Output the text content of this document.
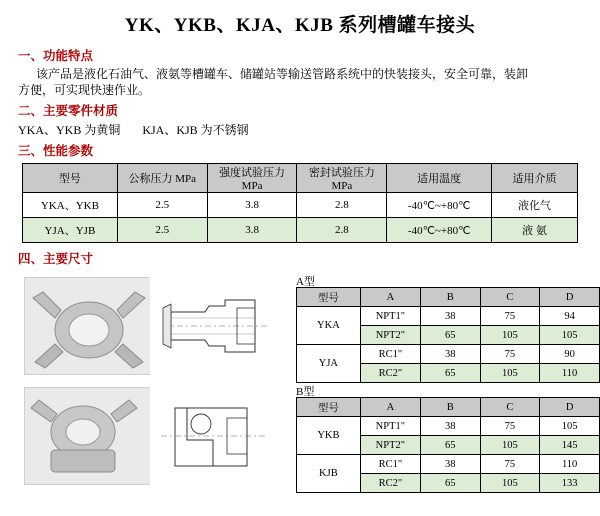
YK、YKB、KJA、KJB 系列槽罐车接头
一、功能特点
该产品是液化石油气、液氨等槽罐车、储罐站等输送管路系统中的快装接头，安全可靠，装卸
方便，可实现快速作业。
二、主要零件材质
YKA、YKB 为黄铜 KJA、KJB 为不锈钢
三、性能参数
型号	公称压力 MPa	强度试验压力 MPa	密封试验压力 MPa	适用温度	适用介质
YKA、YKB	2.5	3.8	2.8	-40℃~+80℃	液化气
YJA、YJB	2.5	3.8	2.8	-40℃~+80℃	液 氨
四、主要尺寸
A型
型号	A	B	C	D
YKA	NPT1"	38	75	94
	NPT2"	65	105	105
YJA	RC1"	38	75	90
	RC2"	65	105	110
B型
型号	A	B	C	D
YKB	NPT1"	38	75	105
	NPT2"	65	105	145
KJB	RC1"	38	75	110
	RC2"	65	105	133
